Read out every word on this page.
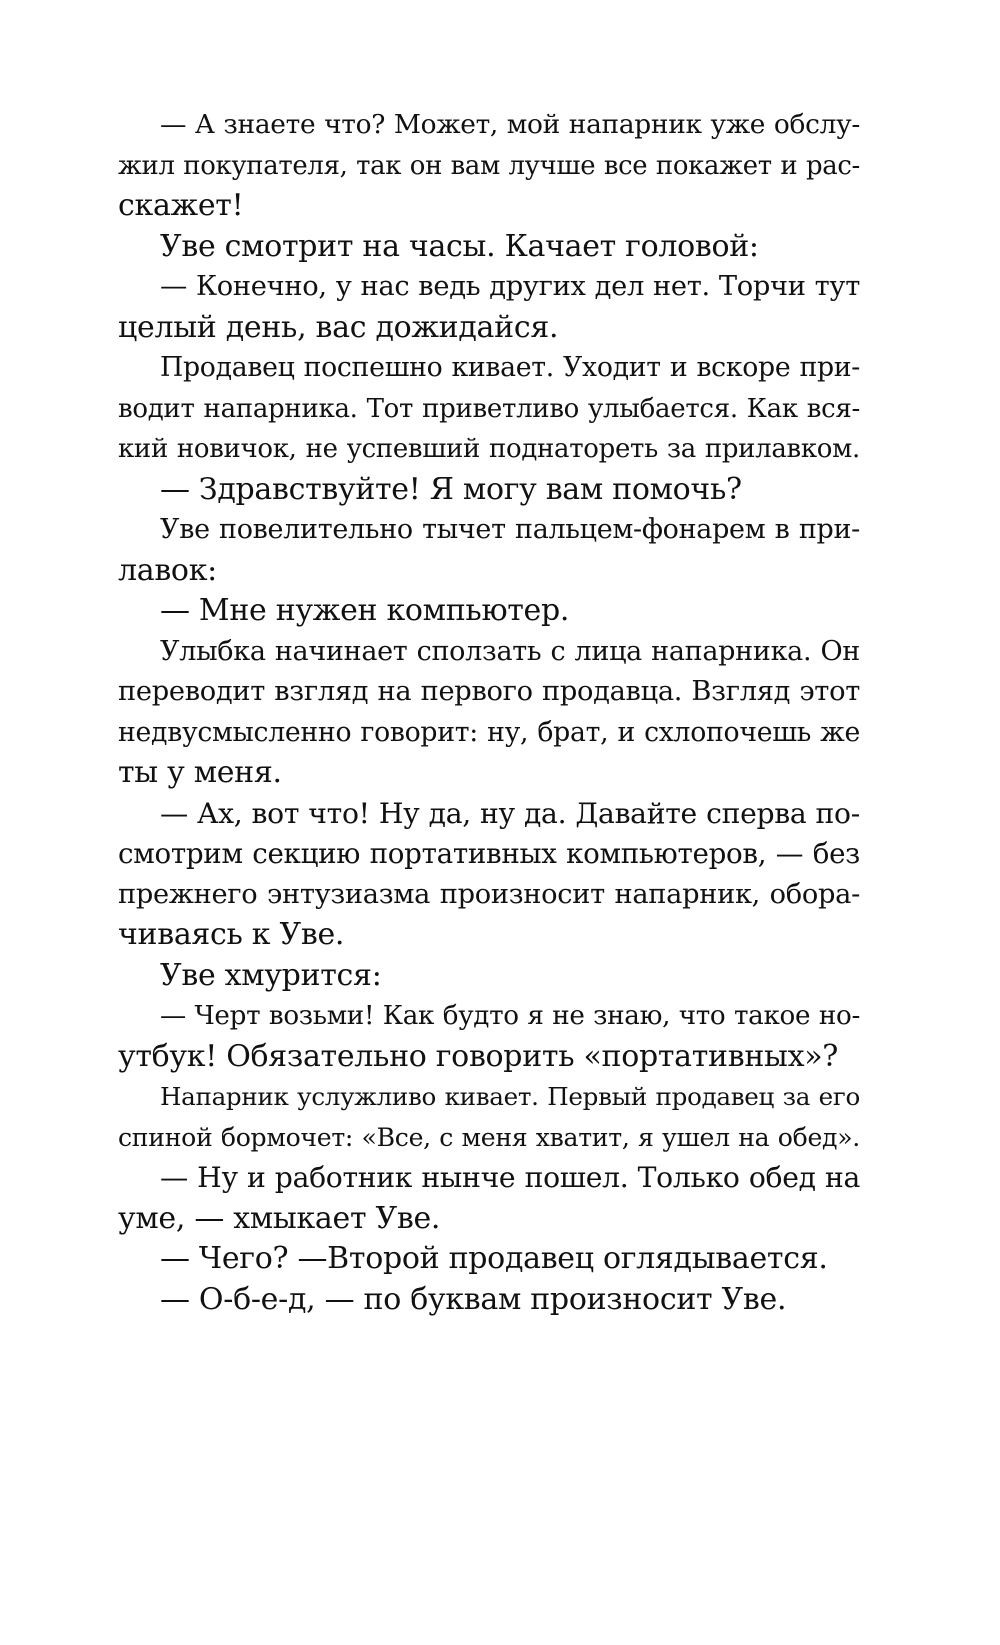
— А знаете что? Может, мой напарник уже обслу-
жил покупателя, так он вам лучше все покажет и рас-
скажет!
Уве смотрит на часы. Качает головой:
— Конечно, у нас ведь других дел нет. Торчи тут
целый день, вас дожидайся.
Продавец поспешно кивает. Уходит и вскоре при-
водит напарника. Тот приветливо улыбается. Как вся-
кий новичок, не успевший поднатореть за прилавком.
— Здравствуйте! Я могу вам помочь?
Уве повелительно тычет пальцем-фонарем в при-
лавок:
— Мне нужен компьютер.
Улыбка начинает сползать с лица напарника. Он
переводит взгляд на первого продавца. Взгляд этот
недвусмысленно говорит: ну, брат, и схлопочешь же
ты у меня.
— Ах, вот что! Ну да, ну да. Давайте сперва по-
смотрим секцию портативных компьютеров, — без
прежнего энтузиазма произносит напарник, обора-
чиваясь к Уве.
Уве хмурится:
— Черт возьми! Как будто я не знаю, что такое но-
утбук! Обязательно говорить «портативных»?
Напарник услужливо кивает. Первый продавец за его
спиной бормочет: «Все, с меня хватит, я ушел на обед».
— Ну и работник нынче пошел. Только обед на
уме, — хмыкает Уве.
— Чего? —Второй продавец оглядывается.
— О-б-е-д, — по буквам произносит Уве.
